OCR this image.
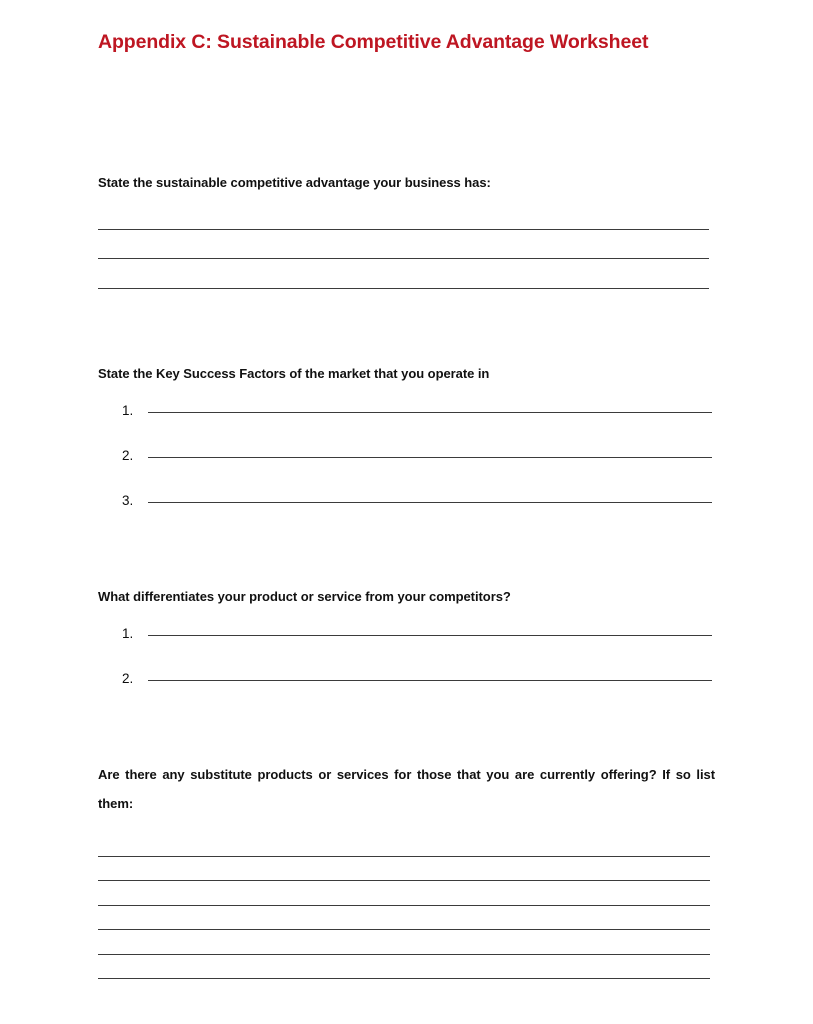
Appendix C: Sustainable Competitive Advantage Worksheet

State the sustainable competitive advantage your business has:

State the Key Success Factors of the market that you operate in

1.
2.
3.

What differentiates your product or service from your competitors?

1.
2.

Are there any substitute products or services for those that you are currently offering? If so list them:
